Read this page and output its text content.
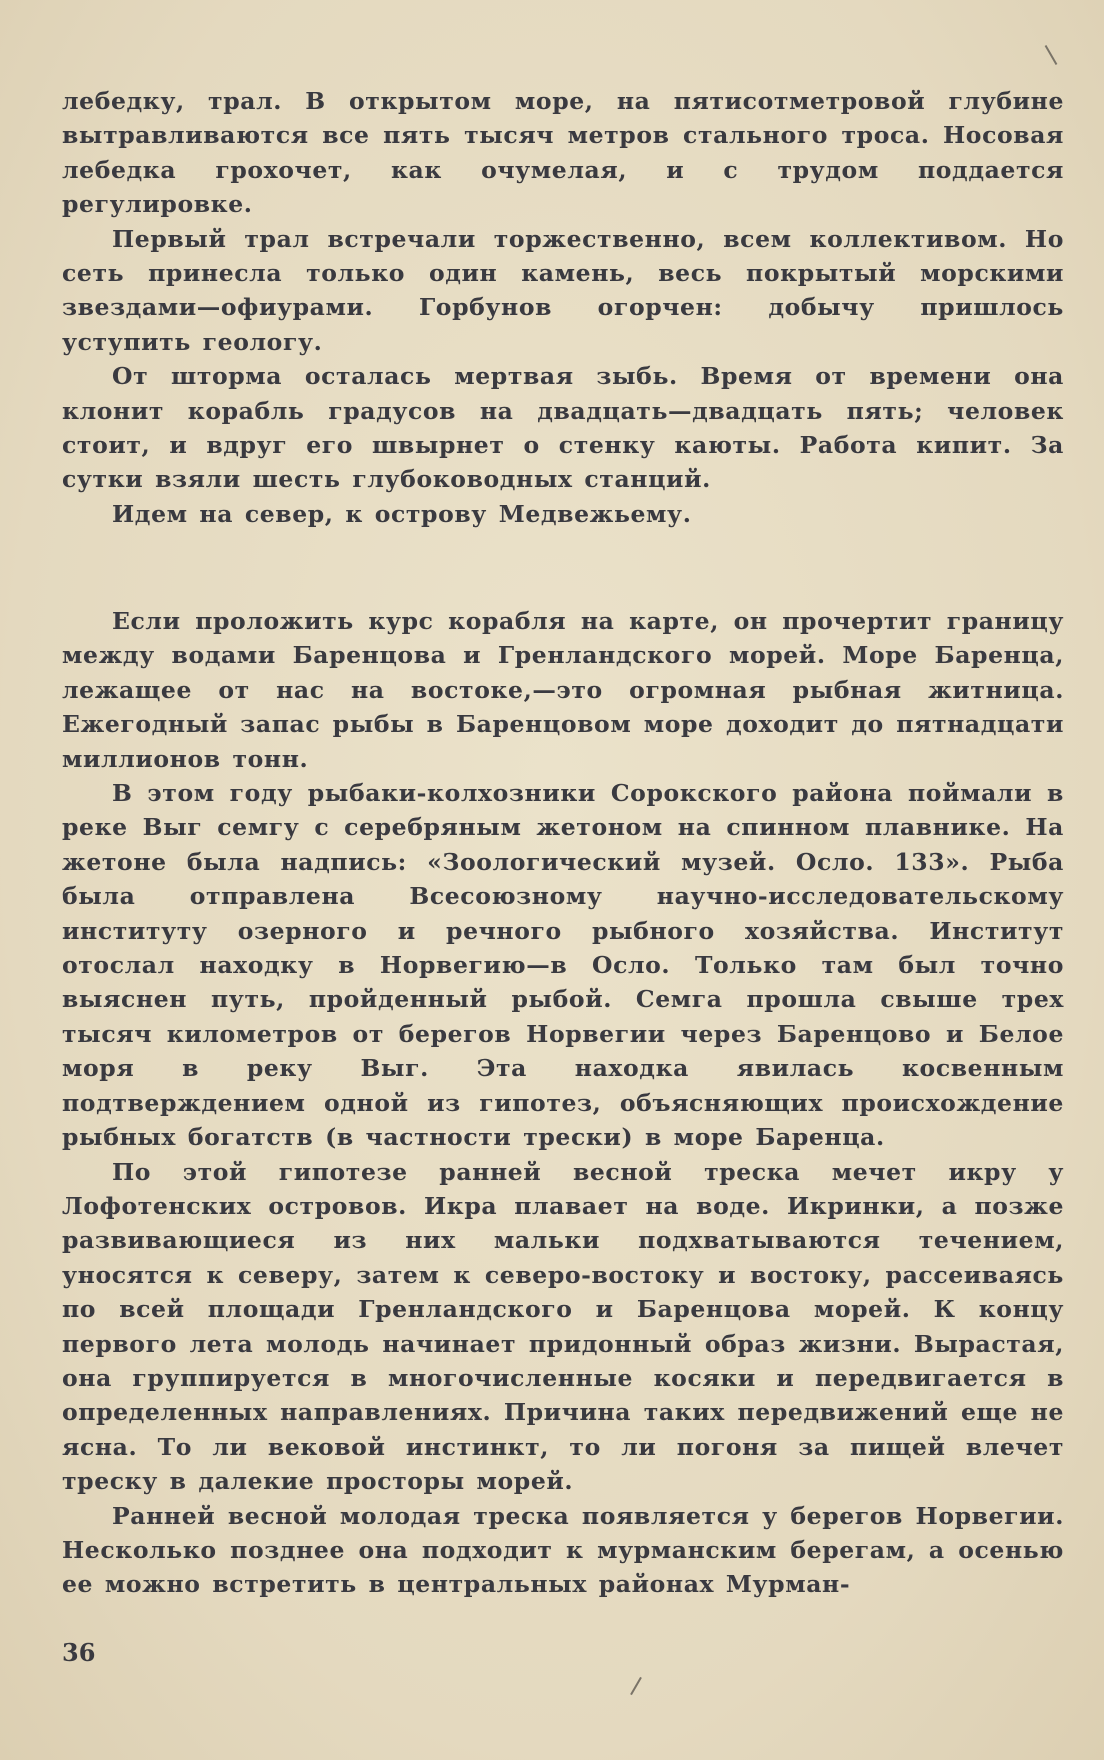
лебедку, трал. В открытом море, на пятисотметровой глубине вытравливаются все пять тысяч метров стального троса. Носовая лебедка грохочет, как очумелая, и с трудом поддается регулировке.

Первый трал встречали торжественно, всем коллективом. Но сеть принесла только один камень, весь покрытый морскими звездами—офиурами. Горбунов огорчен: добычу пришлось уступить геологу.

От шторма осталась мертвая зыбь. Время от времени она клонит корабль градусов на двадцать—двадцать пять; человек стоит, и вдруг его швырнет о стенку каюты. Работа кипит. За сутки взяли шесть глубоководных станций.

Идем на север, к острову Медвежьему.

Если проложить курс корабля на карте, он прочертит границу между водами Баренцова и Гренландского морей. Море Баренца, лежащее от нас на востоке,—это огромная рыбная житница. Ежегодный запас рыбы в Баренцовом море доходит до пятнадцати миллионов тонн.

В этом году рыбаки-колхозники Сорокского района поймали в реке Выг семгу с серебряным жетоном на спинном плавнике. На жетоне была надпись: «Зоологический музей. Осло. 133». Рыба была отправлена Всесоюзному научно-исследовательскому институту озерного и речного рыбного хозяйства. Институт отослал находку в Норвегию—в Осло. Только там был точно выяснен путь, пройденный рыбой. Семга прошла свыше трех тысяч километров от берегов Норвегии через Баренцово и Белое моря в реку Выг. Эта находка явилась косвенным подтверждением одной из гипотез, объясняющих происхождение рыбных богатств (в частности трески) в море Баренца.

По этой гипотезе ранней весной треска мечет икру у Лофотенских островов. Икра плавает на воде. Икринки, а позже развивающиеся из них мальки подхватываются течением, уносятся к северу, затем к северо-востоку и востоку, рассеиваясь по всей площади Гренландского и Баренцова морей. К концу первого лета молодь начинает придонный образ жизни. Вырастая, она группируется в многочисленные косяки и передвигается в определенных направлениях. Причина таких передвижений еще не ясна. То ли вековой инстинкт, то ли погоня за пищей влечет треску в далекие просторы морей.

Ранней весной молодая треска появляется у берегов Норвегии. Несколько позднее она подходит к мурманским берегам, а осенью ее можно встретить в центральных районах Мурман-

36
